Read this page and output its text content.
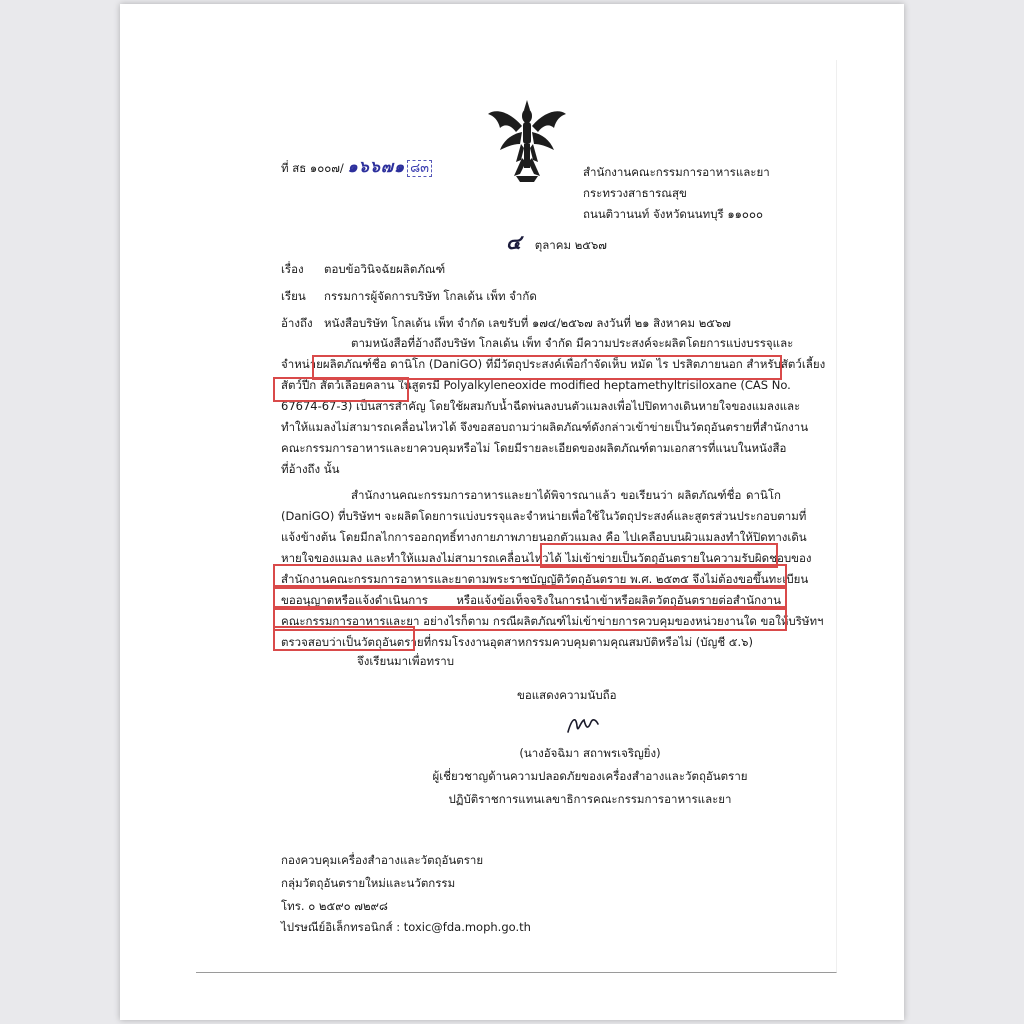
ที่ สธ ๑๐๐๗/ ๑๖๖๗๑ ๘๓	สำนักงานคณะกรรมการอาหารและยา
กระทรวงสาธารณสุข
ถนนติวานนท์ จังหวัดนนทบุรี ๑๑๐๐๐
๔ ตุลาคม ๒๕๖๗
เรื่อง ตอบข้อวินิจฉัยผลิตภัณฑ์
เรียน กรรมการผู้จัดการบริษัท โกลเด้น เพ็ท จำกัด
อ้างถึง หนังสือบริษัท โกลเด้น เพ็ท จำกัด เลขรับที่ ๑๗๔/๒๕๖๗ ลงวันที่ ๒๑ สิงหาคม ๒๕๖๗
ตามหนังสือที่อ้างถึงบริษัท โกลเด้น เพ็ท จำกัด มีความประสงค์จะผลิตโดยการแบ่งบรรจุและ
จำหน่ายผลิตภัณฑ์ชื่อ ดานิโก (DaniGO) ที่มีวัตถุประสงค์เพื่อกำจัดเห็บ หมัด ไร ปรสิตภายนอก สำหรับสัตว์เลี้ยง
สัตว์ปีก สัตว์เลื้อยคลาน ในสูตรมี Polyalkyleneoxide modified heptamethyltrisiloxane (CAS No.
67674-67-3) เป็นสารสำคัญ โดยใช้ผสมกับน้ำฉีดพ่นลงบนตัวแมลงเพื่อไปปิดทางเดินหายใจของแมลงและ
ทำให้แมลงไม่สามารถเคลื่อนไหวได้ จึงขอสอบถามว่าผลิตภัณฑ์ดังกล่าวเข้าข่ายเป็นวัตถุอันตรายที่สำนักงาน
คณะกรรมการอาหารและยาควบคุมหรือไม่ โดยมีรายละเอียดของผลิตภัณฑ์ตามเอกสารที่แนบในหนังสือ
ที่อ้างถึง นั้น
สำนักงานคณะกรรมการอาหารและยาได้พิจารณาแล้ว ขอเรียนว่า ผลิตภัณฑ์ชื่อ ดานิโก
(DaniGO) ที่บริษัทฯ จะผลิตโดยการแบ่งบรรจุและจำหน่ายเพื่อใช้ในวัตถุประสงค์และสูตรส่วนประกอบตามที่
แจ้งข้างต้น โดยมีกลไกการออกฤทธิ์ทางกายภาพภายนอกตัวแมลง คือ ไปเคลือบบนผิวแมลงทำให้ปิดทางเดิน
หายใจของแมลง และทำให้แมลงไม่สามารถเคลื่อนไหวได้ ไม่เข้าข่ายเป็นวัตถุอันตรายในความรับผิดชอบของ
สำนักงานคณะกรรมการอาหารและยาตามพระราชบัญญัติวัตถุอันตราย พ.ศ. ๒๕๓๕ จึงไม่ต้องขอขึ้นทะเบียน
ขออนุญาตหรือแจ้งดำเนินการ หรือแจ้งข้อเท็จจริงในการนำเข้าหรือผลิตวัตถุอันตรายต่อสำนักงาน
คณะกรรมการอาหารและยา อย่างไรก็ตาม กรณีผลิตภัณฑ์ไม่เข้าข่ายการควบคุมของหน่วยงานใด ขอให้บริษัทฯ
ตรวจสอบว่าเป็นวัตถุอันตรายที่กรมโรงงานอุตสาหกรรมควบคุมตามคุณสมบัติหรือไม่ (บัญชี ๕.๖)
จึงเรียนมาเพื่อทราบ
ขอแสดงความนับถือ
(นางอัจฉิมา สถาพรเจริญยิ่ง)
ผู้เชี่ยวชาญด้านความปลอดภัยของเครื่องสำอางและวัตถุอันตราย
ปฏิบัติราชการแทนเลขาธิการคณะกรรมการอาหารและยา
กองควบคุมเครื่องสำอางและวัตถุอันตราย
กลุ่มวัตถุอันตรายใหม่และนวัตกรรม
โทร. ๐ ๒๕๙๐ ๗๒๙๘
ไปรษณีย์อิเล็กทรอนิกส์ : toxic@fda.moph.go.th
